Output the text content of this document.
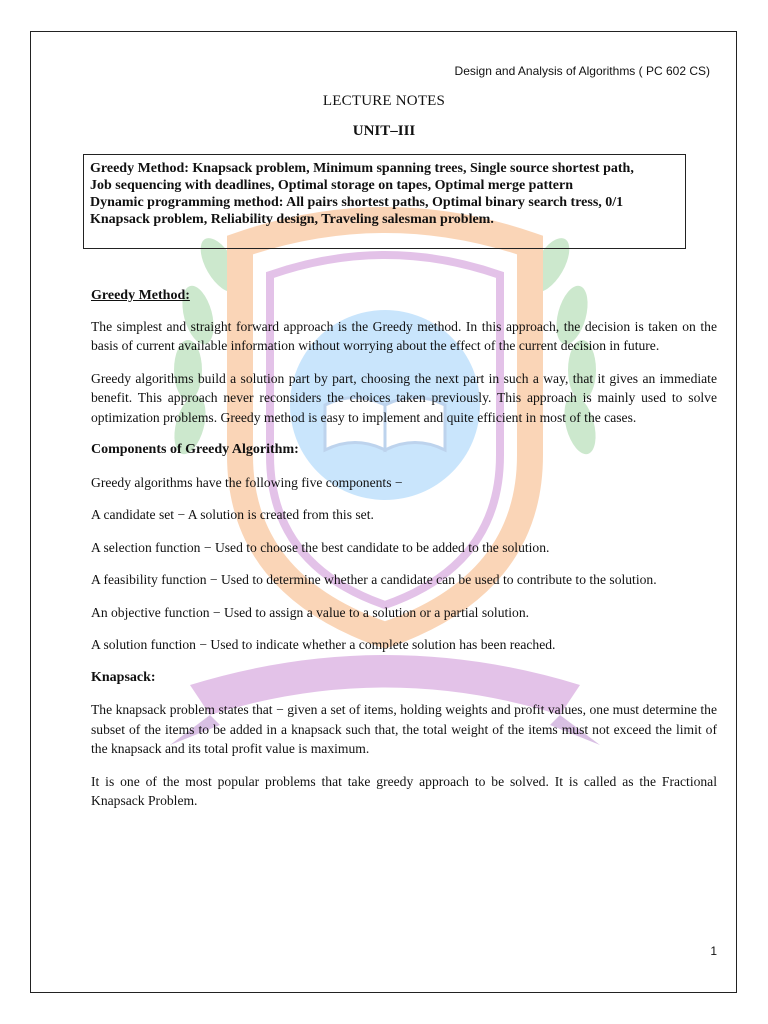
Design and Analysis of Algorithms ( PC 602 CS)
LECTURE NOTES
UNIT–III

Greedy Method: Knapsack problem, Minimum spanning trees, Single source shortest path,

Job sequencing with deadlines, Optimal storage on tapes, Optimal merge pattern

Dynamic programming method: All pairs shortest paths, Optimal binary search tress, 0/1

Knapsack problem, Reliability design, Traveling salesman problem.

Greedy Method:

The simplest and straight forward approach is the Greedy method. In this approach, the decision is taken on the basis of current available information without worrying about the effect of the current decision in future.

Greedy algorithms build a solution part by part, choosing the next part in such a way, that it gives an immediate benefit. This approach never reconsiders the choices taken previously. This approach is mainly used to solve optimization problems. Greedy method is easy to implement and quite efficient in most of the cases.

Components of Greedy Algorithm:

Greedy algorithms have the following five components −

A candidate set − A solution is created from this set.

A selection function − Used to choose the best candidate to be added to the solution.

A feasibility function − Used to determine whether a candidate can be used to contribute to the solution.

An objective function − Used to assign a value to a solution or a partial solution.

A solution function − Used to indicate whether a complete solution has been reached.

Knapsack:

The knapsack problem states that − given a set of items, holding weights and profit values, one must determine the subset of the items to be added in a knapsack such that, the total weight of the items must not exceed the limit of the knapsack and its total profit value is maximum.

It is one of the most popular problems that take greedy approach to be solved. It is called as the Fractional Knapsack Problem.

1
